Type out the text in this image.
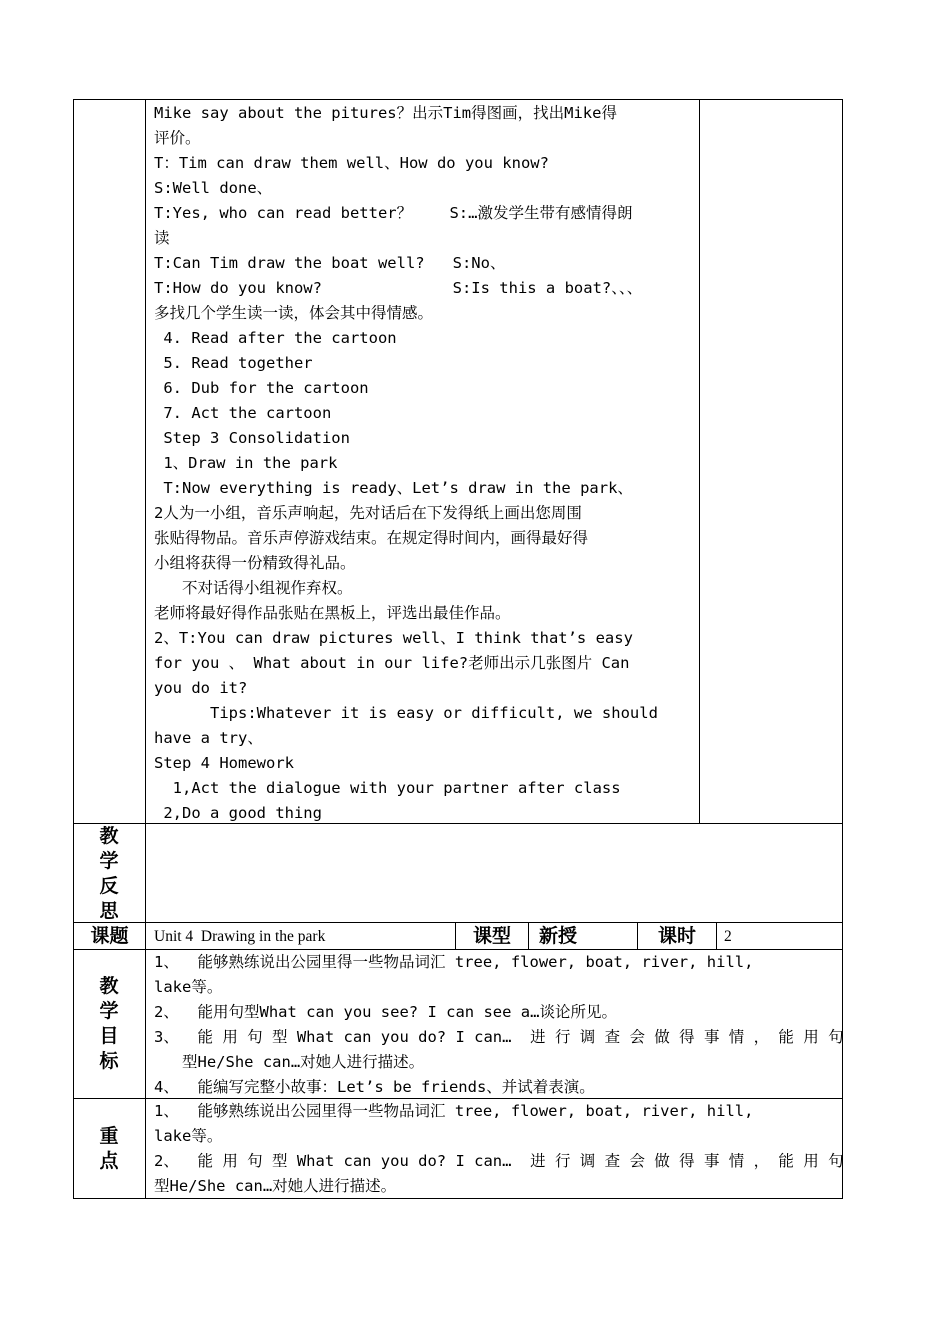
Mike say about the pitures？出示Tim得图画，找出Mike得
评价。
T：Tim can draw them well、How do you know?
S:Well done、
T:Yes, who can read better？    S:…激发学生带有感情得朗
读
T:Can Tim draw the boat well?   S:No、
T:How do you know?              S:Is this a boat?、、、
多找几个学生读一读，体会其中得情感。
4. Read after the cartoon
5. Read together
6. Dub for the cartoon
7. Act the cartoon
Step 3 Consolidation
1、Draw in the park
T:Now everything is ready、Let’s draw in the park、
2人为一小组，音乐声响起，先对话后在下发得纸上画出您周围
张贴得物品。音乐声停游戏结束。在规定得时间内，画得最好得
小组将获得一份精致得礼品。
不对话得小组视作弃权。
老师将最好得作品张贴在黑板上，评选出最佳作品。
2、T:You can draw pictures well、I think that’s easy
for you 、 What about in our life?老师出示几张图片 Can
you do it?
Tips:Whatever it is easy or difficult, we should
have a try、
Step 4 Homework
1,Act the dialogue with your partner after class
2,Do a good thing
教
学
反
思
课题	Unit 4  Drawing in the park	课型	新授	课时	2
教
学
目
标
1、  能够熟练说出公园里得一些物品词汇 tree, flower, boat, river, hill,
lake等。
2、  能用句型What can you see? I can see a…谈论所见。
3、  能 用 句 型 What can you do? I can…  进 行 调 查 会 做 得 事 情 ， 能 用 句
型He/She can…对她人进行描述。
4、  能编写完整小故事：Let’s be friends、并试着表演。
重
点
1、  能够熟练说出公园里得一些物品词汇 tree, flower, boat, river, hill,
lake等。
2、  能 用 句 型 What can you do? I can…  进 行 调 查 会 做 得 事 情 ， 能 用 句
型He/She can…对她人进行描述。
